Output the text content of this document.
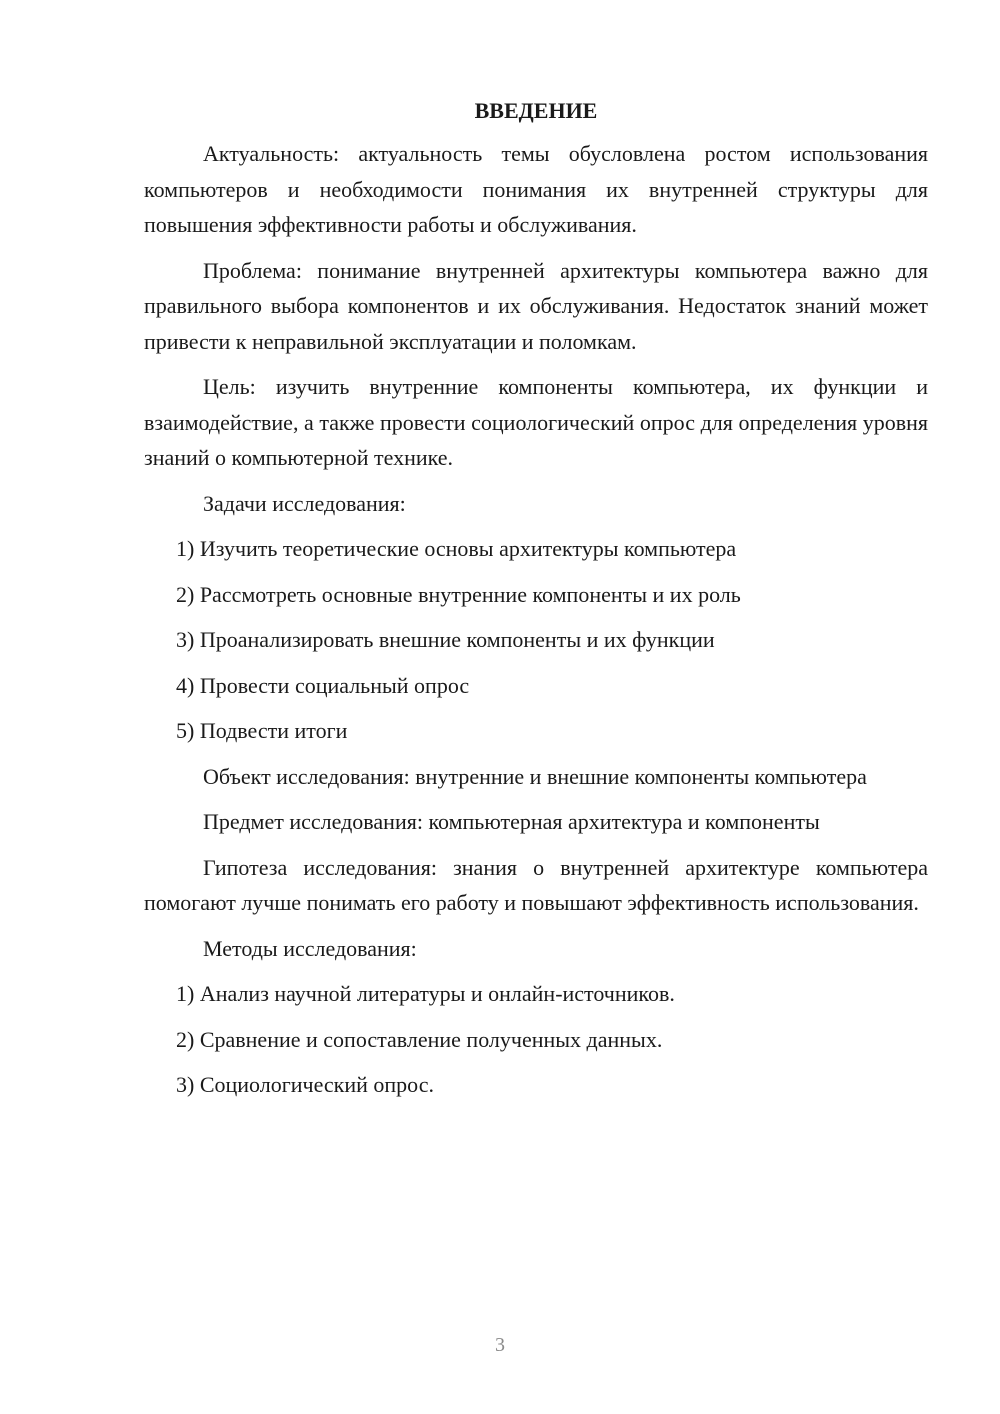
ВВЕДЕНИЕ

Актуальность: актуальность темы обусловлена ростом использования компьютеров и необходимости понимания их внутренней структуры для повышения эффективности работы и обслуживания.

Проблема: понимание внутренней архитектуры компьютера важно для правильного выбора компонентов и их обслуживания. Недостаток знаний может привести к неправильной эксплуатации и поломкам.

Цель: изучить внутренние компоненты компьютера, их функции и взаимодействие, а также провести социологический опрос для определения уровня знаний о компьютерной технике.

Задачи исследования:

1) Изучить теоретические основы архитектуры компьютера
2) Рассмотреть основные внутренние компоненты и их роль
3) Проанализировать внешние компоненты и их функции
4) Провести социальный опрос
5) Подвести итоги

Объект исследования: внутренние и внешние компоненты компьютера

Предмет исследования: компьютерная архитектура и компоненты

Гипотеза исследования: знания о внутренней архитектуре компьютера помогают лучше понимать его работу и повышают эффективность использования.

Методы исследования:

1) Анализ научной литературы и онлайн-источников.
2) Сравнение и сопоставление полученных данных.
3) Социологический опрос.
3
